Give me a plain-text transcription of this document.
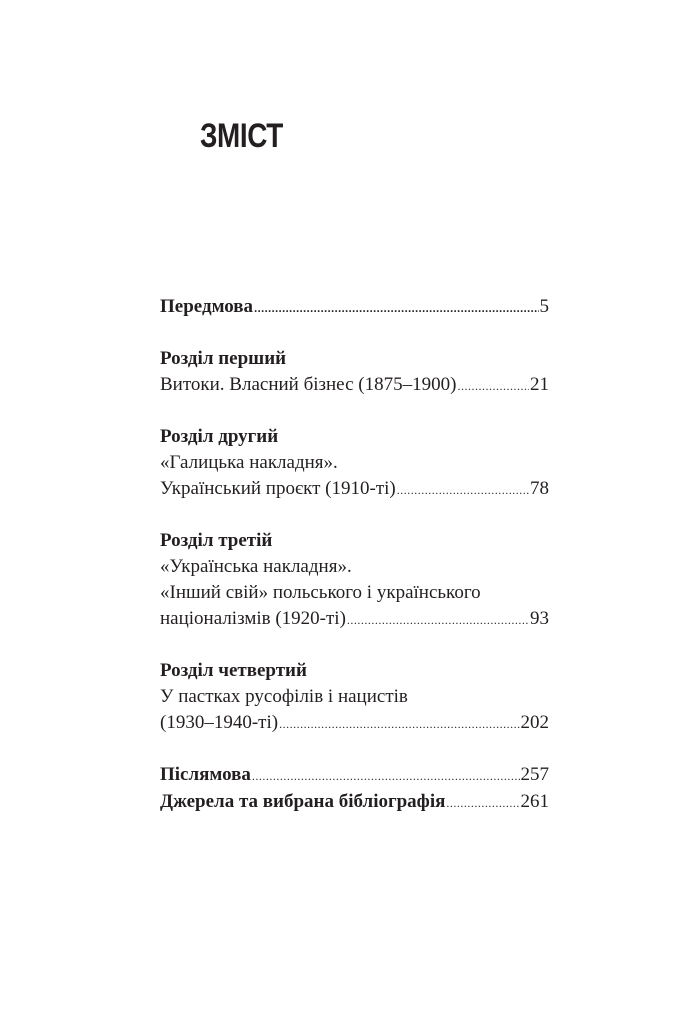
ЗМІСТ
Передмова .....	5
Розділ перший
Витоки. Власний бізнес (1875–1900) .....	21
Розділ другий
«Галицька накладня».
Український проєкт (1910-ті) .....	78
Розділ третій
«Українська накладня».
«Інший свій» польського і українського
націоналізмів (1920-ті) .....	93
Розділ четвертий
У пастках русофілів і нацистів
(1930–1940-ті) .....	202
Післямова .....	257
Джерела та вибрана бібліографія .....	261
